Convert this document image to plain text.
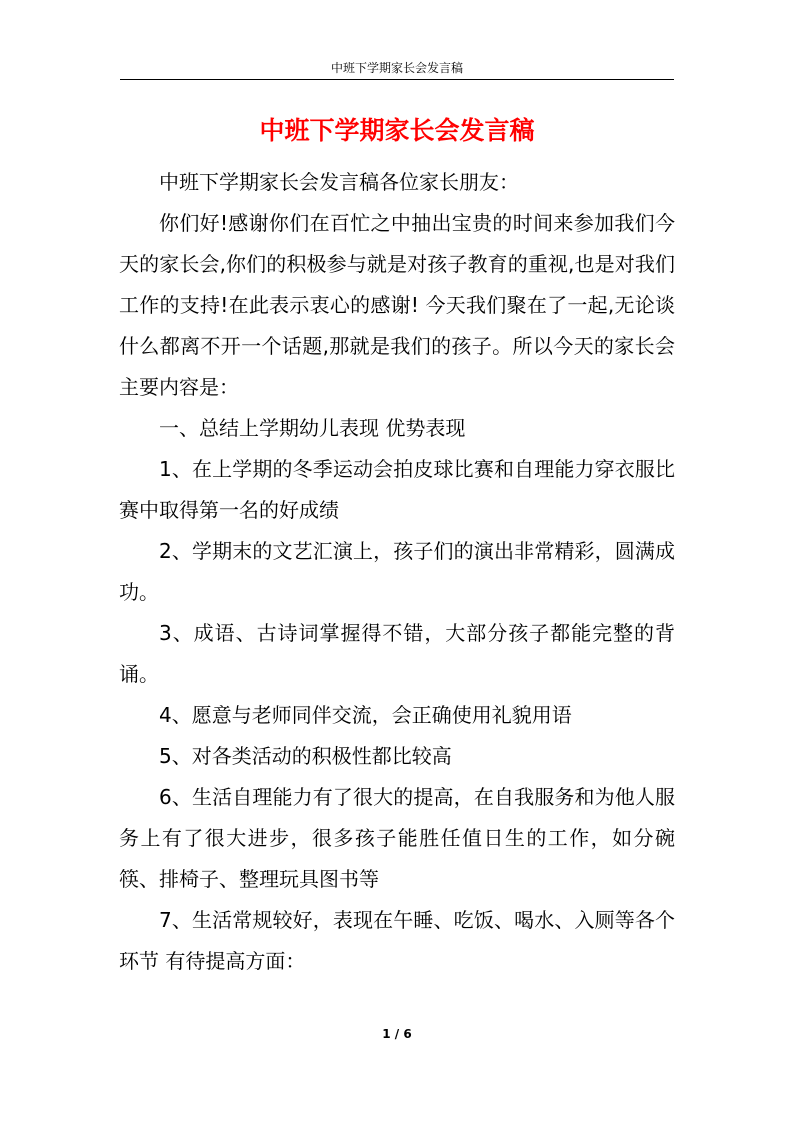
中班下学期家长会发言稿
中班下学期家长会发言稿

中班下学期家长会发言稿各位家长朋友：

你们好!感谢你们在百忙之中抽出宝贵的时间来参加我们今天的家长会,你们的积极参与就是对孩子教育的重视,也是对我们工作的支持!在此表示衷心的感谢! 今天我们聚在了一起,无论谈什么都离不开一个话题,那就是我们的孩子。所以今天的家长会主要内容是：

一、总结上学期幼儿表现 优势表现

1、在上学期的冬季运动会拍皮球比赛和自理能力穿衣服比赛中取得第一名的好成绩

2、学期末的文艺汇演上，孩子们的演出非常精彩，圆满成功。

3、成语、古诗词掌握得不错，大部分孩子都能完整的背诵。

4、愿意与老师同伴交流，会正确使用礼貌用语

5、对各类活动的积极性都比较高

6、生活自理能力有了很大的提高，在自我服务和为他人服务上有了很大进步，很多孩子能胜任值日生的工作，如分碗筷、排椅子、整理玩具图书等

7、生活常规较好，表现在午睡、吃饭、喝水、入厕等各个环节 有待提高方面：

1 / 6
